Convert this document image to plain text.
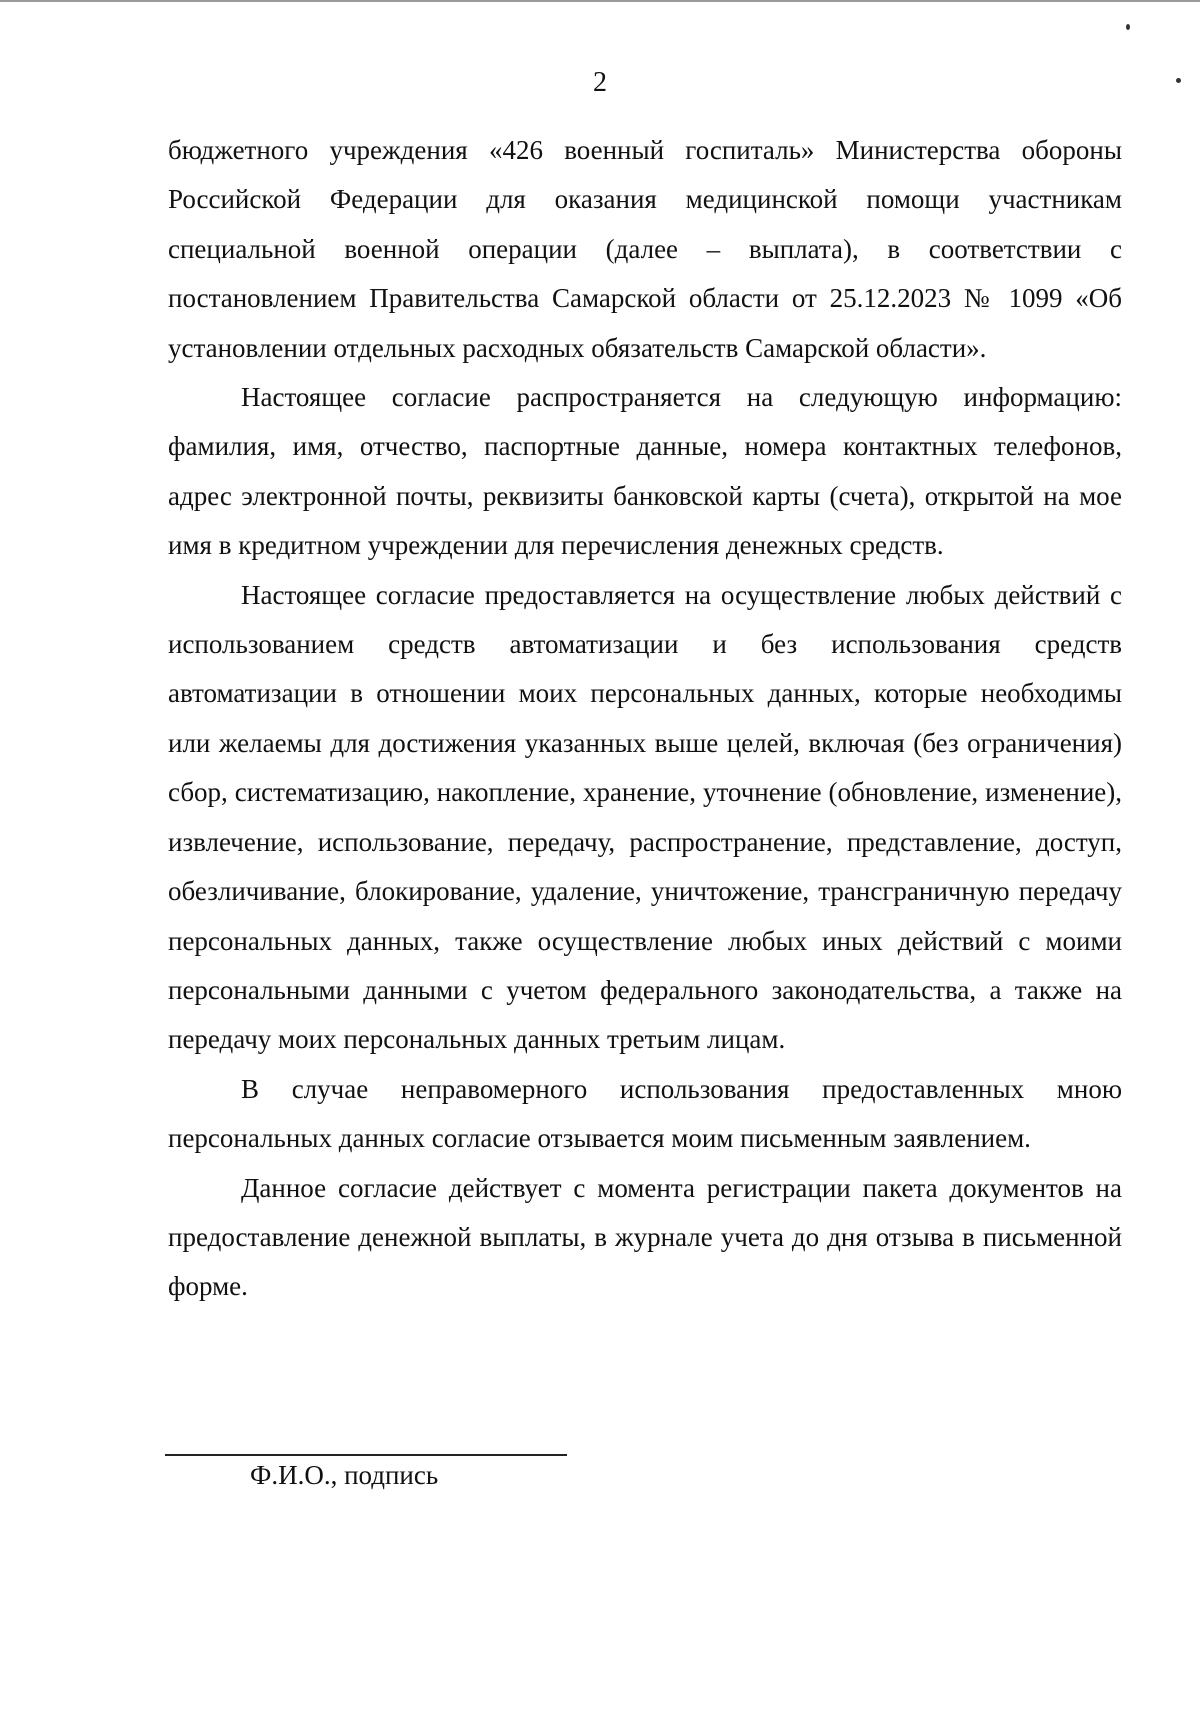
2

бюджетного учреждения «426 военный госпиталь» Министерства обороны Российской Федерации для оказания медицинской помощи участникам специальной военной операции (далее – выплата), в соответствии с постановлением Правительства Самарской области от 25.12.2023 № 1099 «Об установлении отдельных расходных обязательств Самарской области».

Настоящее согласие распространяется на следующую информацию: фамилия, имя, отчество, паспортные данные, номера контактных телефонов, адрес электронной почты, реквизиты банковской карты (счета), открытой на мое имя в кредитном учреждении для перечисления денежных средств.

Настоящее согласие предоставляется на осуществление любых действий с использованием средств автоматизации и без использования средств автоматизации в отношении моих персональных данных, которые необходимы или желаемы для достижения указанных выше целей, включая (без ограничения) сбор, систематизацию, накопление, хранение, уточнение (обновление, изменение), извлечение, использование, передачу, распространение, представление, доступ, обезличивание, блокирование, удаление, уничтожение, трансграничную передачу персональных данных, также осуществление любых иных действий с моими персональными данными с учетом федерального законодательства, а также на передачу моих персональных данных третьим лицам.

В случае неправомерного использования предоставленных мною персональных данных согласие отзывается моим письменным заявлением.

Данное согласие действует с момента регистрации пакета документов на предоставление денежной выплаты, в журнале учета до дня отзыва в письменной форме.

Ф.И.О., подпись
